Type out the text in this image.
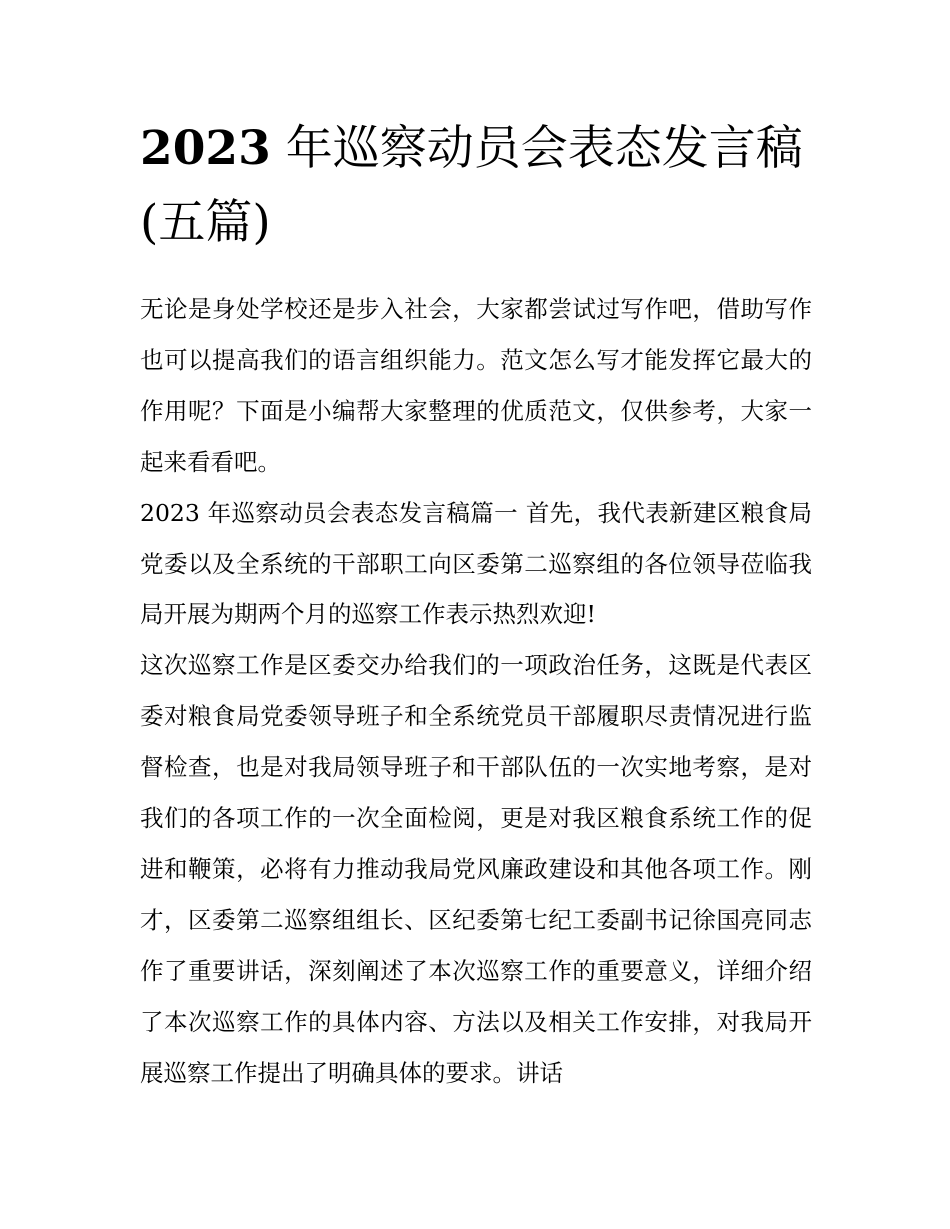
2023 年巡察动员会表态发言稿(五篇)

无论是身处学校还是步入社会，大家都尝试过写作吧，借助写作也可以提高我们的语言组织能力。范文怎么写才能发挥它最大的作用呢？下面是小编帮大家整理的优质范文，仅供参考，大家一起来看看吧。

2023 年巡察动员会表态发言稿篇一 首先，我代表新建区粮食局党委以及全系统的干部职工向区委第二巡察组的各位领导莅临我局开展为期两个月的巡察工作表示热烈欢迎!

这次巡察工作是区委交办给我们的一项政治任务，这既是代表区委对粮食局党委领导班子和全系统党员干部履职尽责情况进行监督检查，也是对我局领导班子和干部队伍的一次实地考察，是对我们的各项工作的一次全面检阅，更是对我区粮食系统工作的促进和鞭策，必将有力推动我局党风廉政建设和其他各项工作。刚才，区委第二巡察组组长、区纪委第七纪工委副书记徐国亮同志作了重要讲话，深刻阐述了本次巡察工作的重要意义，详细介绍了本次巡察工作的具体内容、方法以及相关工作安排，对我局开展巡察工作提出了明确具体的要求。讲话
